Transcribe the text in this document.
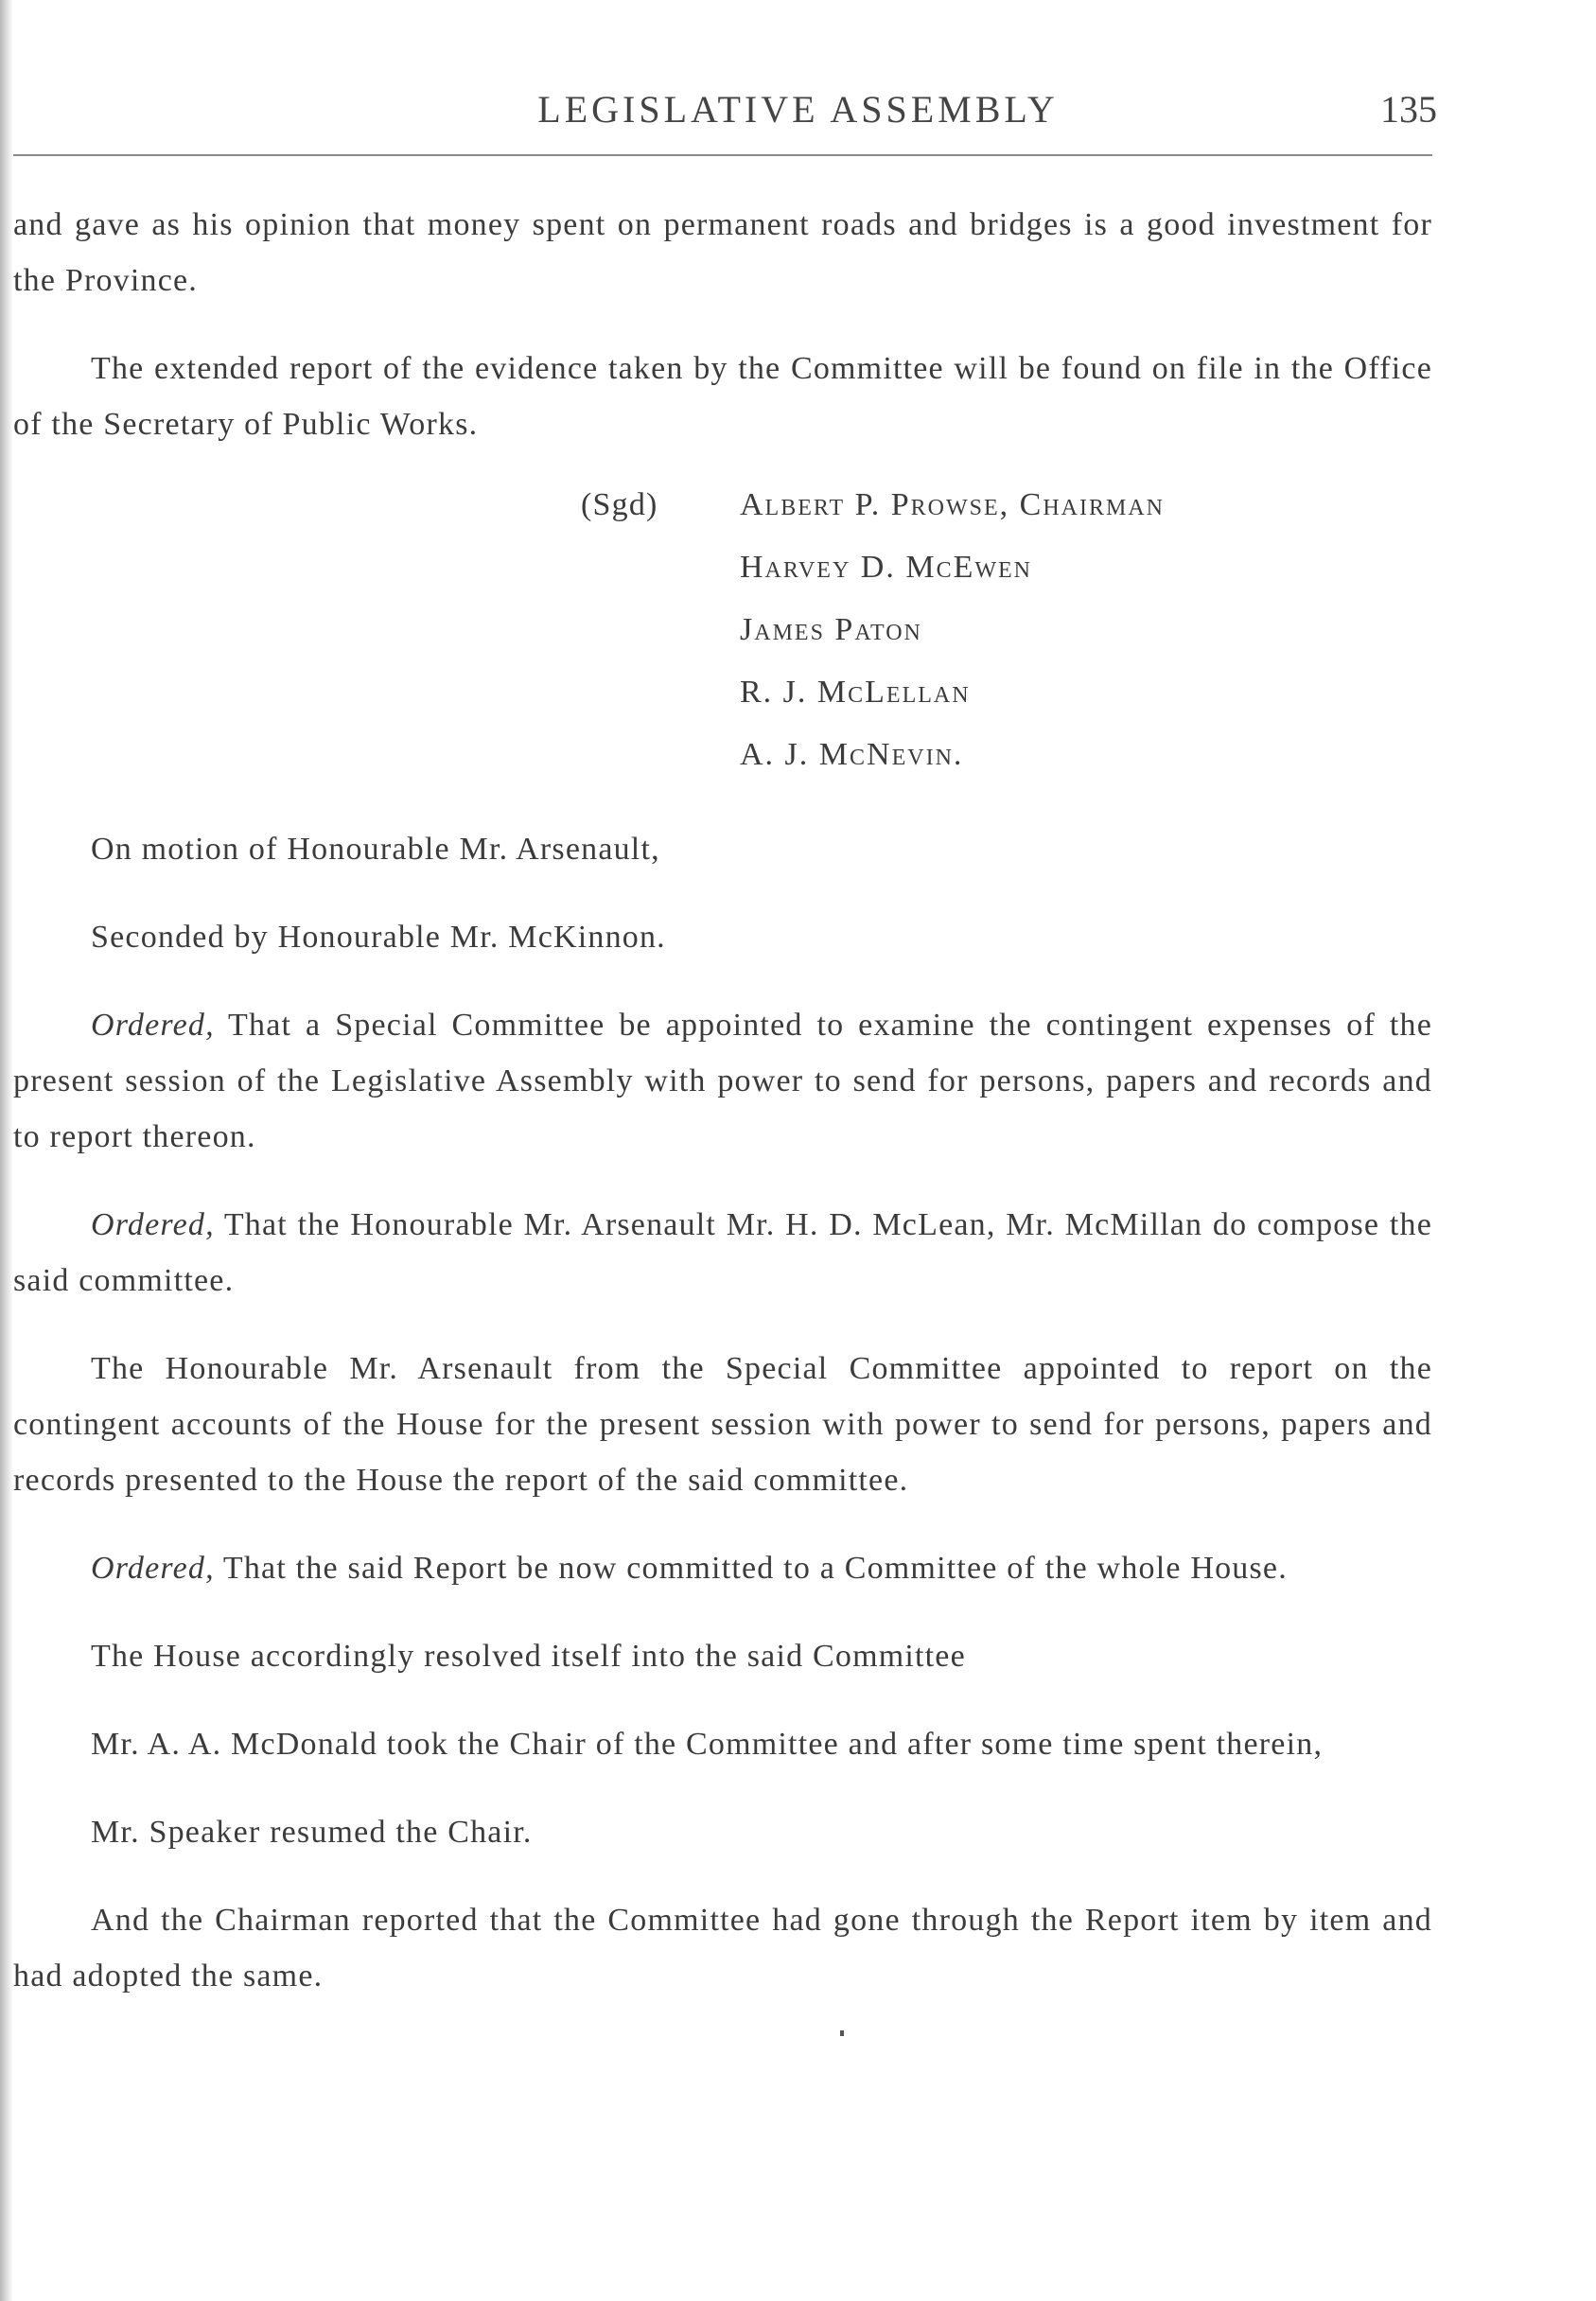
LEGISLATIVE ASSEMBLY	135

and gave as his opinion that money spent on permanent roads and bridges is a good investment for the Province.

The extended report of the evidence taken by the Committee will be found on file in the Office of the Secretary of Public Works.

(Sgd)	Albert P. Prowse, Chairman
Harvey D. McEwen
James Paton
R. J. McLellan
A. J. McNevin.

On motion of Honourable Mr. Arsenault,

Seconded by Honourable Mr. McKinnon.

Ordered, That a Special Committee be appointed to examine the contingent expenses of the present session of the Legislative Assembly with power to send for persons, papers and records and to report thereon.

Ordered, That the Honourable Mr. Arsenault Mr. H. D. McLean, Mr. McMillan do compose the said committee.

The Honourable Mr. Arsenault from the Special Committee appointed to report on the contingent accounts of the House for the present session with power to send for persons, papers and records presented to the House the report of the said committee.

Ordered, That the said Report be now committed to a Committee of the whole House.

The House accordingly resolved itself into the said Committee

Mr. A. A. McDonald took the Chair of the Committee and after some time spent therein,

Mr. Speaker resumed the Chair.

And the Chairman reported that the Committee had gone through the Report item by item and had adopted the same.
